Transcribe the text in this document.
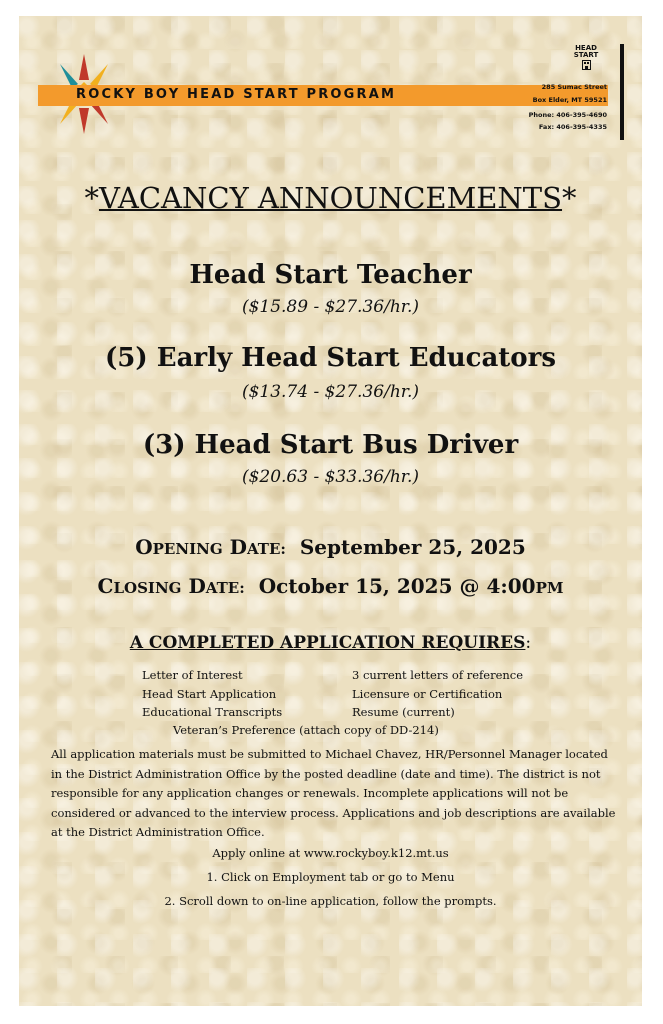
ROCKY BOY HEAD START PROGRAM
HEAD
START
285 Sumac Street
Box Elder, MT 59521
Phone: 406-395-4690
Fax: 406-395-4335
*VACANCY ANNOUNCEMENTS*
Head Start Teacher
($15.89 - $27.36/hr.)
(5) Early Head Start Educators
($13.74 - $27.36/hr.)
(3) Head Start Bus Driver
($20.63 - $33.36/hr.)
OPENING DATE: September 25, 2025
CLOSING DATE: October 15, 2025 @ 4:00PM
A COMPLETED APPLICATION REQUIRES:
Letter of Interest
Head Start Application
Educational Transcripts
3 current letters of reference
Licensure or Certification
Resume (current)
Veteran’s Preference (attach copy of DD-214)
All application materials must be submitted to Michael Chavez, HR/Personnel Manager located in the District Administration Office by the posted deadline (date and time). The district is not responsible for any application changes or renewals. Incomplete applications will not be considered or advanced to the interview process. Applications and job descriptions are available at the District Administration Office.
Apply online at www.rockyboy.k12.mt.us
1. Click on Employment tab or go to Menu
2. Scroll down to on-line application, follow the prompts.
